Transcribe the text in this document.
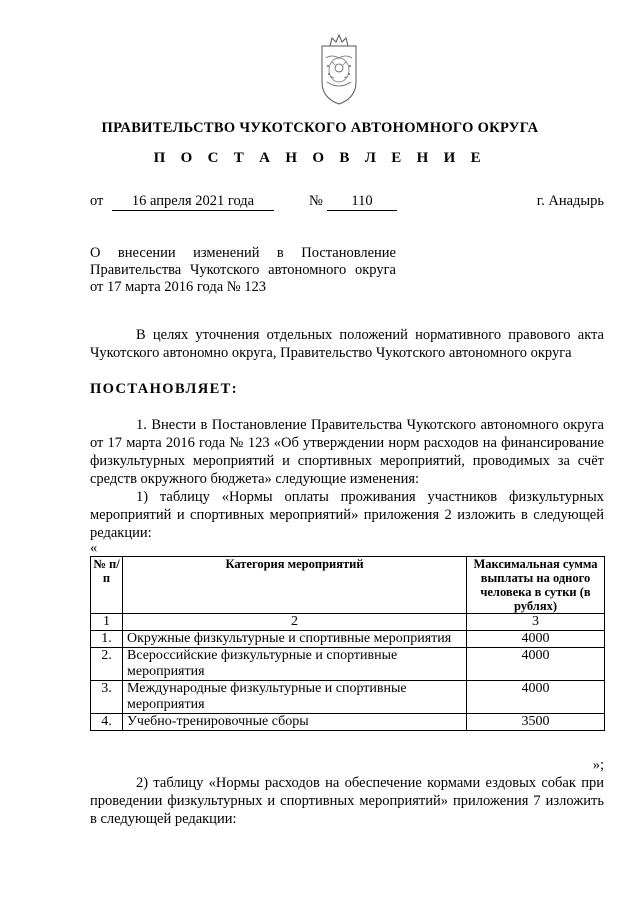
ПРАВИТЕЛЬСТВО ЧУКОТСКОГО АВТОНОМНОГО ОКРУГА
П О С Т А Н О В Л Е Н И Е
от	16 апреля 2021 года	№	110	г. Анадырь
О внесении изменений в Постановление Правительства Чукотского автономного округа от 17 марта 2016 года № 123
В целях уточнения отдельных положений нормативного правового акта Чукотского автономно округа, Правительство Чукотского автономного округа
ПОСТАНОВЛЯЕТ:
1. Внести в Постановление Правительства Чукотского автономного округа от 17 марта 2016 года № 123 «Об утверждении норм расходов на финансирование физкультурных мероприятий и спортивных мероприятий, проводимых за счёт средств окружного бюджета» следующие изменения:
1) таблицу «Нормы оплаты проживания участников физкультурных мероприятий и спортивных мероприятий» приложения 2 изложить в следующей редакции:
«
№ п/п	Категория мероприятий	Максимальная сумма выплаты на одного человека в сутки (в рублях)
1	2	3
1.	Окружные физкультурные и спортивные мероприятия	4000
2.	Всероссийские физкультурные и спортивные мероприятия	4000
3.	Международные физкультурные и спортивные мероприятия	4000
4.	Учебно-тренировочные сборы	3500
»;
2) таблицу «Нормы расходов на обеспечение кормами ездовых собак при проведении физкультурных и спортивных мероприятий» приложения 7 изложить в следующей редакции:
